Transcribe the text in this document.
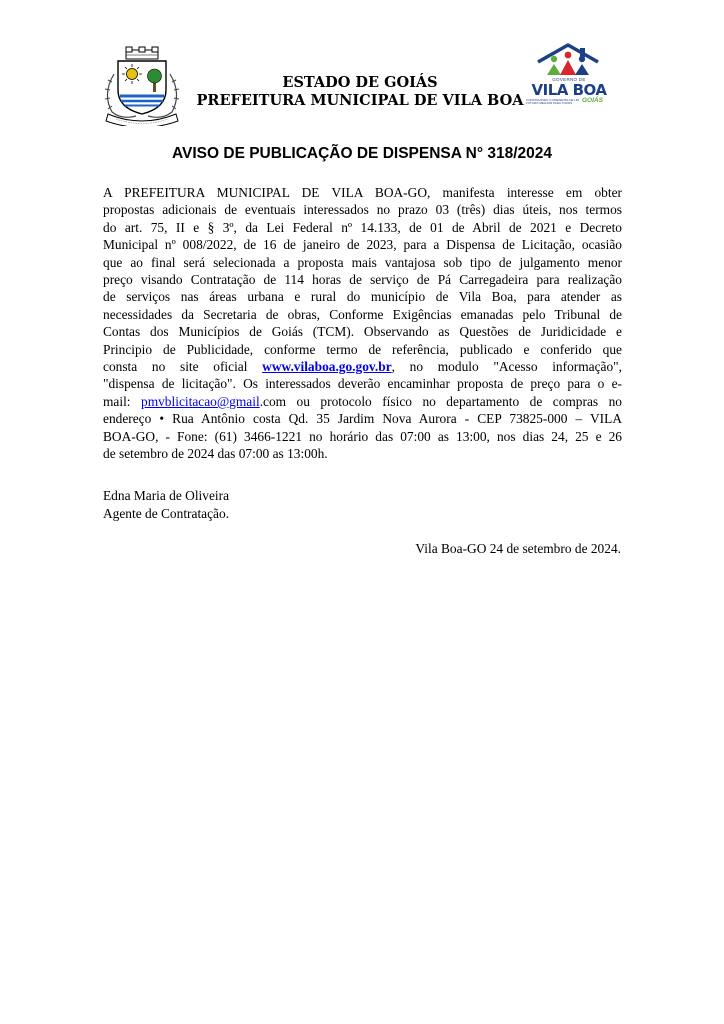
ESTADO DE GOIÁS
PREFEITURA MUNICIPAL DE VILA BOA
GOVERNO DE
VILA BOA
CONSTRUINDO O PRESENTE DE UM FUTURO MELHOR PARA TODOS	GOIÁS
AVISO DE PUBLICAÇÃO DE DISPENSA N° 318/2024
A PREFEITURA MUNICIPAL DE VILA BOA-GO, manifesta interesse em obter
propostas adicionais de eventuais interessados no prazo 03 (três) dias úteis, nos termos
do art. 75, II e § 3º, da Lei Federal nº 14.133, de 01 de Abril de 2021 e Decreto
Municipal nº 008/2022, de 16 de janeiro de 2023, para a Dispensa de Licitação, ocasião
que ao final será selecionada a proposta mais vantajosa sob tipo de julgamento menor
preço visando Contratação de 114 horas de serviço de Pá Carregadeira para realização
de serviços nas áreas urbana e rural do município de Vila Boa, para atender as
necessidades da Secretaria de obras, Conforme Exigências emanadas pelo Tribunal de
Contas dos Municípios de Goiás (TCM). Observando as Questões de Juridicidade e
Principio de Publicidade, conforme termo de referência, publicado e conferido que
consta no site oficial www.vilaboa.go.gov.br, no modulo "Acesso informação",
"dispensa de licitação". Os interessados deverão encaminhar proposta de preço para o e-
mail: pmvblicitacao@gmail.com ou protocolo físico no departamento de compras no
endereço • Rua Antônio costa Qd. 35 Jardim Nova Aurora - CEP 73825-000 – VILA
BOA-GO, - Fone: (61) 3466-1221 no horário das 07:00 as 13:00, nos dias 24, 25 e 26
de setembro de 2024 das 07:00 as 13:00h.
Edna Maria de Oliveira
Agente de Contratação.
Vila Boa-GO 24 de setembro de 2024.
